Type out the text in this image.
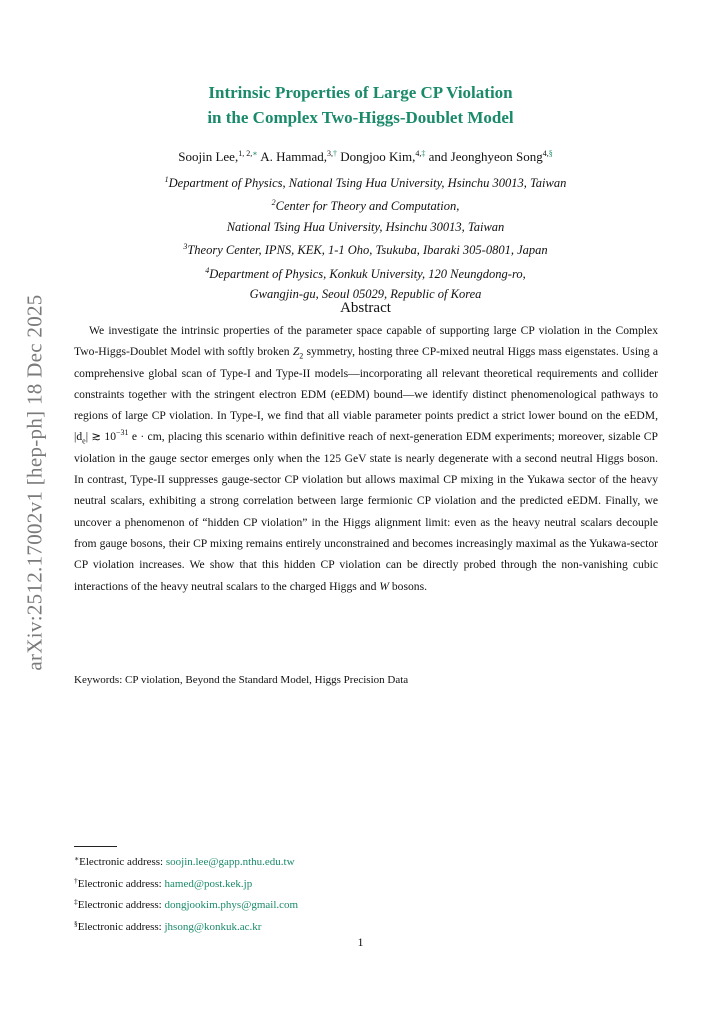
arXiv:2512.17002v1 [hep-ph] 18 Dec 2025
Intrinsic Properties of Large CP Violation
in the Complex Two-Higgs-Doublet Model
Soojin Lee,$^{1, 2,∗}$ A. Hammad,$^{3,\dagger}$ Dongjoo Kim,$^{4,\ddagger}$ and Jeonghyeon Song$^{4,\S}$
$^1$Department of Physics, National Tsing Hua University, Hsinchu 30013, Taiwan
$^2$Center for Theory and Computation,
National Tsing Hua University, Hsinchu 30013, Taiwan
$^3$Theory Center, IPNS, KEK, 1-1 Oho, Tsukuba, Ibaraki 305-0801, Japan
$^4$Department of Physics, Konkuk University, 120 Neungdong-ro,
Gwangjin-gu, Seoul 05029, Republic of Korea
Abstract

We investigate the intrinsic properties of the parameter space capable of supporting large CP violation in the Complex Two-Higgs-Doublet Model with softly broken $Z_2$ symmetry, hosting three CP-mixed neutral Higgs mass eigenstates. Using a comprehensive global scan of Type-I and Type-II models—incorporating all relevant theoretical requirements and collider constraints together with the stringent electron EDM (eEDM) bound—we identify distinct phenomenological pathways to regions of large CP violation. In Type-I, we find that all viable parameter points predict a strict lower bound on the eEDM, $|d_e|$ ≳ $10^{-31}$ e · cm, placing this scenario within definitive reach of next-generation EDM experiments; moreover, sizable CP violation in the gauge sector emerges only when the 125 GeV state is nearly degenerate with a second neutral Higgs boson. In contrast, Type-II suppresses gauge-sector CP violation but allows maximal CP mixing in the Yukawa sector of the heavy neutral scalars, exhibiting a strong correlation between large fermionic CP violation and the predicted eEDM. Finally, we uncover a phenomenon of “hidden CP violation” in the Higgs alignment limit: even as the heavy neutral scalars decouple from gauge bosons, their CP mixing remains entirely unconstrained and becomes increasingly maximal as the Yukawa-sector CP violation increases. We show that this hidden CP violation can be directly probed through the non-vanishing cubic interactions of the heavy neutral scalars to the charged Higgs and W bosons.

Keywords: CP violation, Beyond the Standard Model, Higgs Precision Data
∗Electronic address: soojin.lee@gapp.nthu.edu.tw
†Electronic address: hamed@post.kek.jp
‡Electronic address: dongjookim.phys@gmail.com
§Electronic address: jhsong@konkuk.ac.kr
1
